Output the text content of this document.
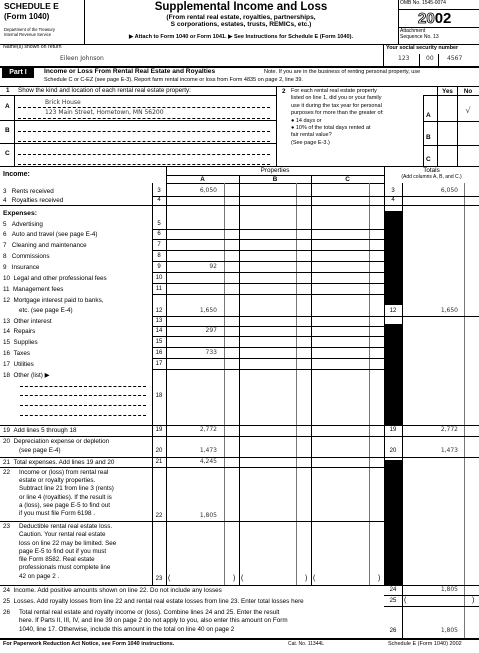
SCHEDULE E
(Form 1040)
Department of the Treasury
Internal Revenue Service
Supplemental Income and Loss
(From rental real estate, royalties, partnerships,
S corporations, estates, trusts, REMICs, etc.)
▶ Attach to Form 1040 or Form 1041. ▶ See Instructions for Schedule E (Form 1040).
OMB No. 1545-0074
2002
Attachment
Sequence No. 13
Name(s) shown on return
Eileen Johnson
Your social security number
123	00 4567
Part I	Income or Loss From Rental Real Estate and Royalties	Note. If you are in the business of renting personal property, use
Schedule C or C-EZ (see page E-3). Report farm rental income or loss from Form 4835 on page 2, line 39.
1 Show the kind and location of each rental real estate property:
A
B
C
Brick House
123 Main Street, Hometown, MN 56200
2 For each rental real estate property
listed on line 1, did you or your family
use it during the tax year for personal
purposes for more than the greater of:
● 14 days or
● 10% of the total days rented at
fair rental value?
(See page E-3.)
Yes	No
A
B
C
√
Income:
Properties
A	B	C
Totals
(Add columns A, B, and C.)
3 Rents received	3	6,050	3	6,050
4 Royalties received	4	4
Expenses:
5 Advertising	5
6 Auto and travel (see page E-4)	6
7 Cleaning and maintenance	7
8 Commissions	8
9 Insurance	9	92
10 Legal and other professional fees	10
11 Management fees	11
12 Mortgage interest paid to banks,
etc. (see page E-4)	12	1,650	12	1,650
13 Other interest	13
14 Repairs	14	297
15 Supplies	15
16 Taxes	16	733
17 Utilities	17
18 Other (list) ▶
18
19 Add lines 5 through 18	19	2,772	19	2,772
20 Depreciation expense or depletion
(see page E-4)	20	1,473	20	1,473
21 Total expenses. Add lines 19 and 20	21	4,245
22 Income or (loss) from rental real
estate or royalty properties.
Subtract line 21 from line 3 (rents)
or line 4 (royalties). If the result is
a (loss), see page E-5 to find out
if you must file Form 6198 .	22	1,805
23 Deductible rental real estate loss.
Caution. Your rental real estate
loss on line 22 may be limited. See
page E-5 to find out if you must
file Form 8582. Real estate
professionals must complete line
42 on page 2 .	23 (	) (	) (	)
24 Income. Add positive amounts shown on line 22. Do not include any losses	24	1,805
25 Losses. Add royalty losses from line 22 and rental real estate losses from line 23. Enter total losses here	25	(	)
26 Total rental real estate and royalty income or (loss). Combine lines 24 and 25. Enter the result
here. If Parts II, III, IV, and line 39 on page 2 do not apply to you, also enter this amount on Form
1040, line 17. Otherwise, include this amount in the total on line 40 on page 2	26	1,805
For Paperwork Reduction Act Notice, see Form 1040 instructions.	Cat. No. 11344L	Schedule E (Form 1040) 2002
